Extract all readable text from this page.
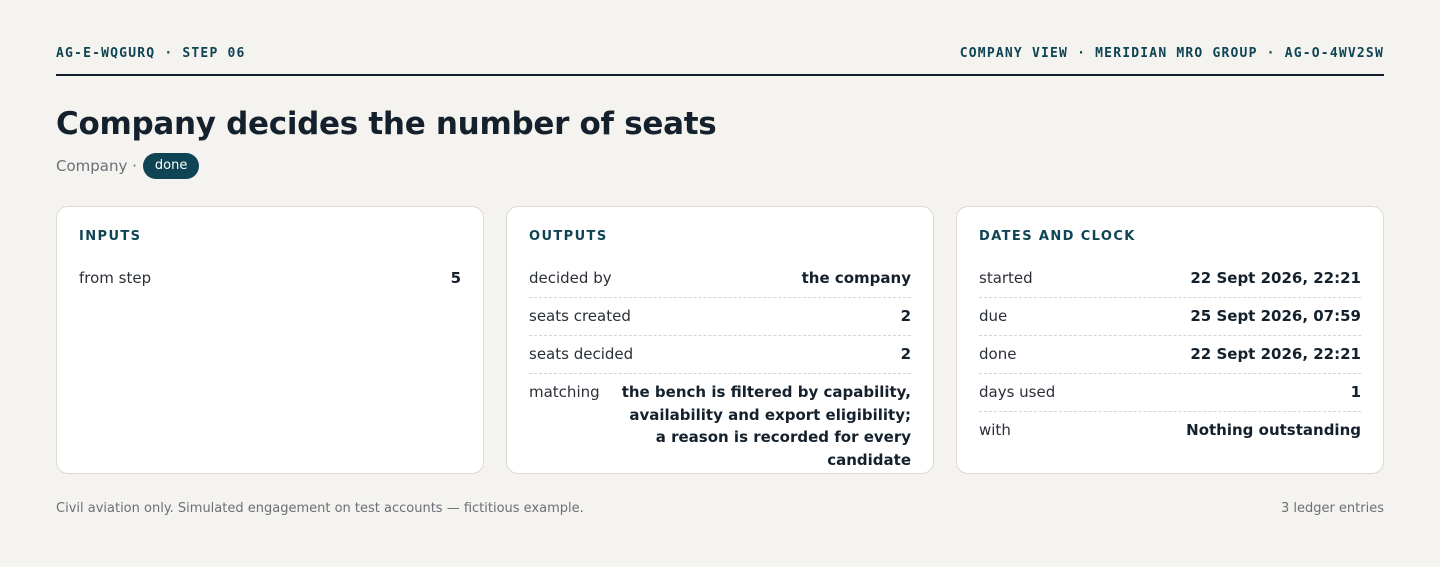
AG-E-WQGURQ · STEP 06	COMPANY VIEW · MERIDIAN MRO GROUP · AG-O-4WV2SW
Company decides the number of seats
Company ·	done
INPUTS
from step	5
OUTPUTS
decided by	the company
seats created	2
seats decided	2
matching the bench is filtered by capability, availability and export eligibility; a reason is recorded for every candidate
DATES AND CLOCK
started	22 Sept 2026, 22:21
due	25 Sept 2026, 07:59
done	22 Sept 2026, 22:21
days used	1
with	Nothing outstanding
Civil aviation only. Simulated engagement on test accounts — fictitious example.	3 ledger entries
